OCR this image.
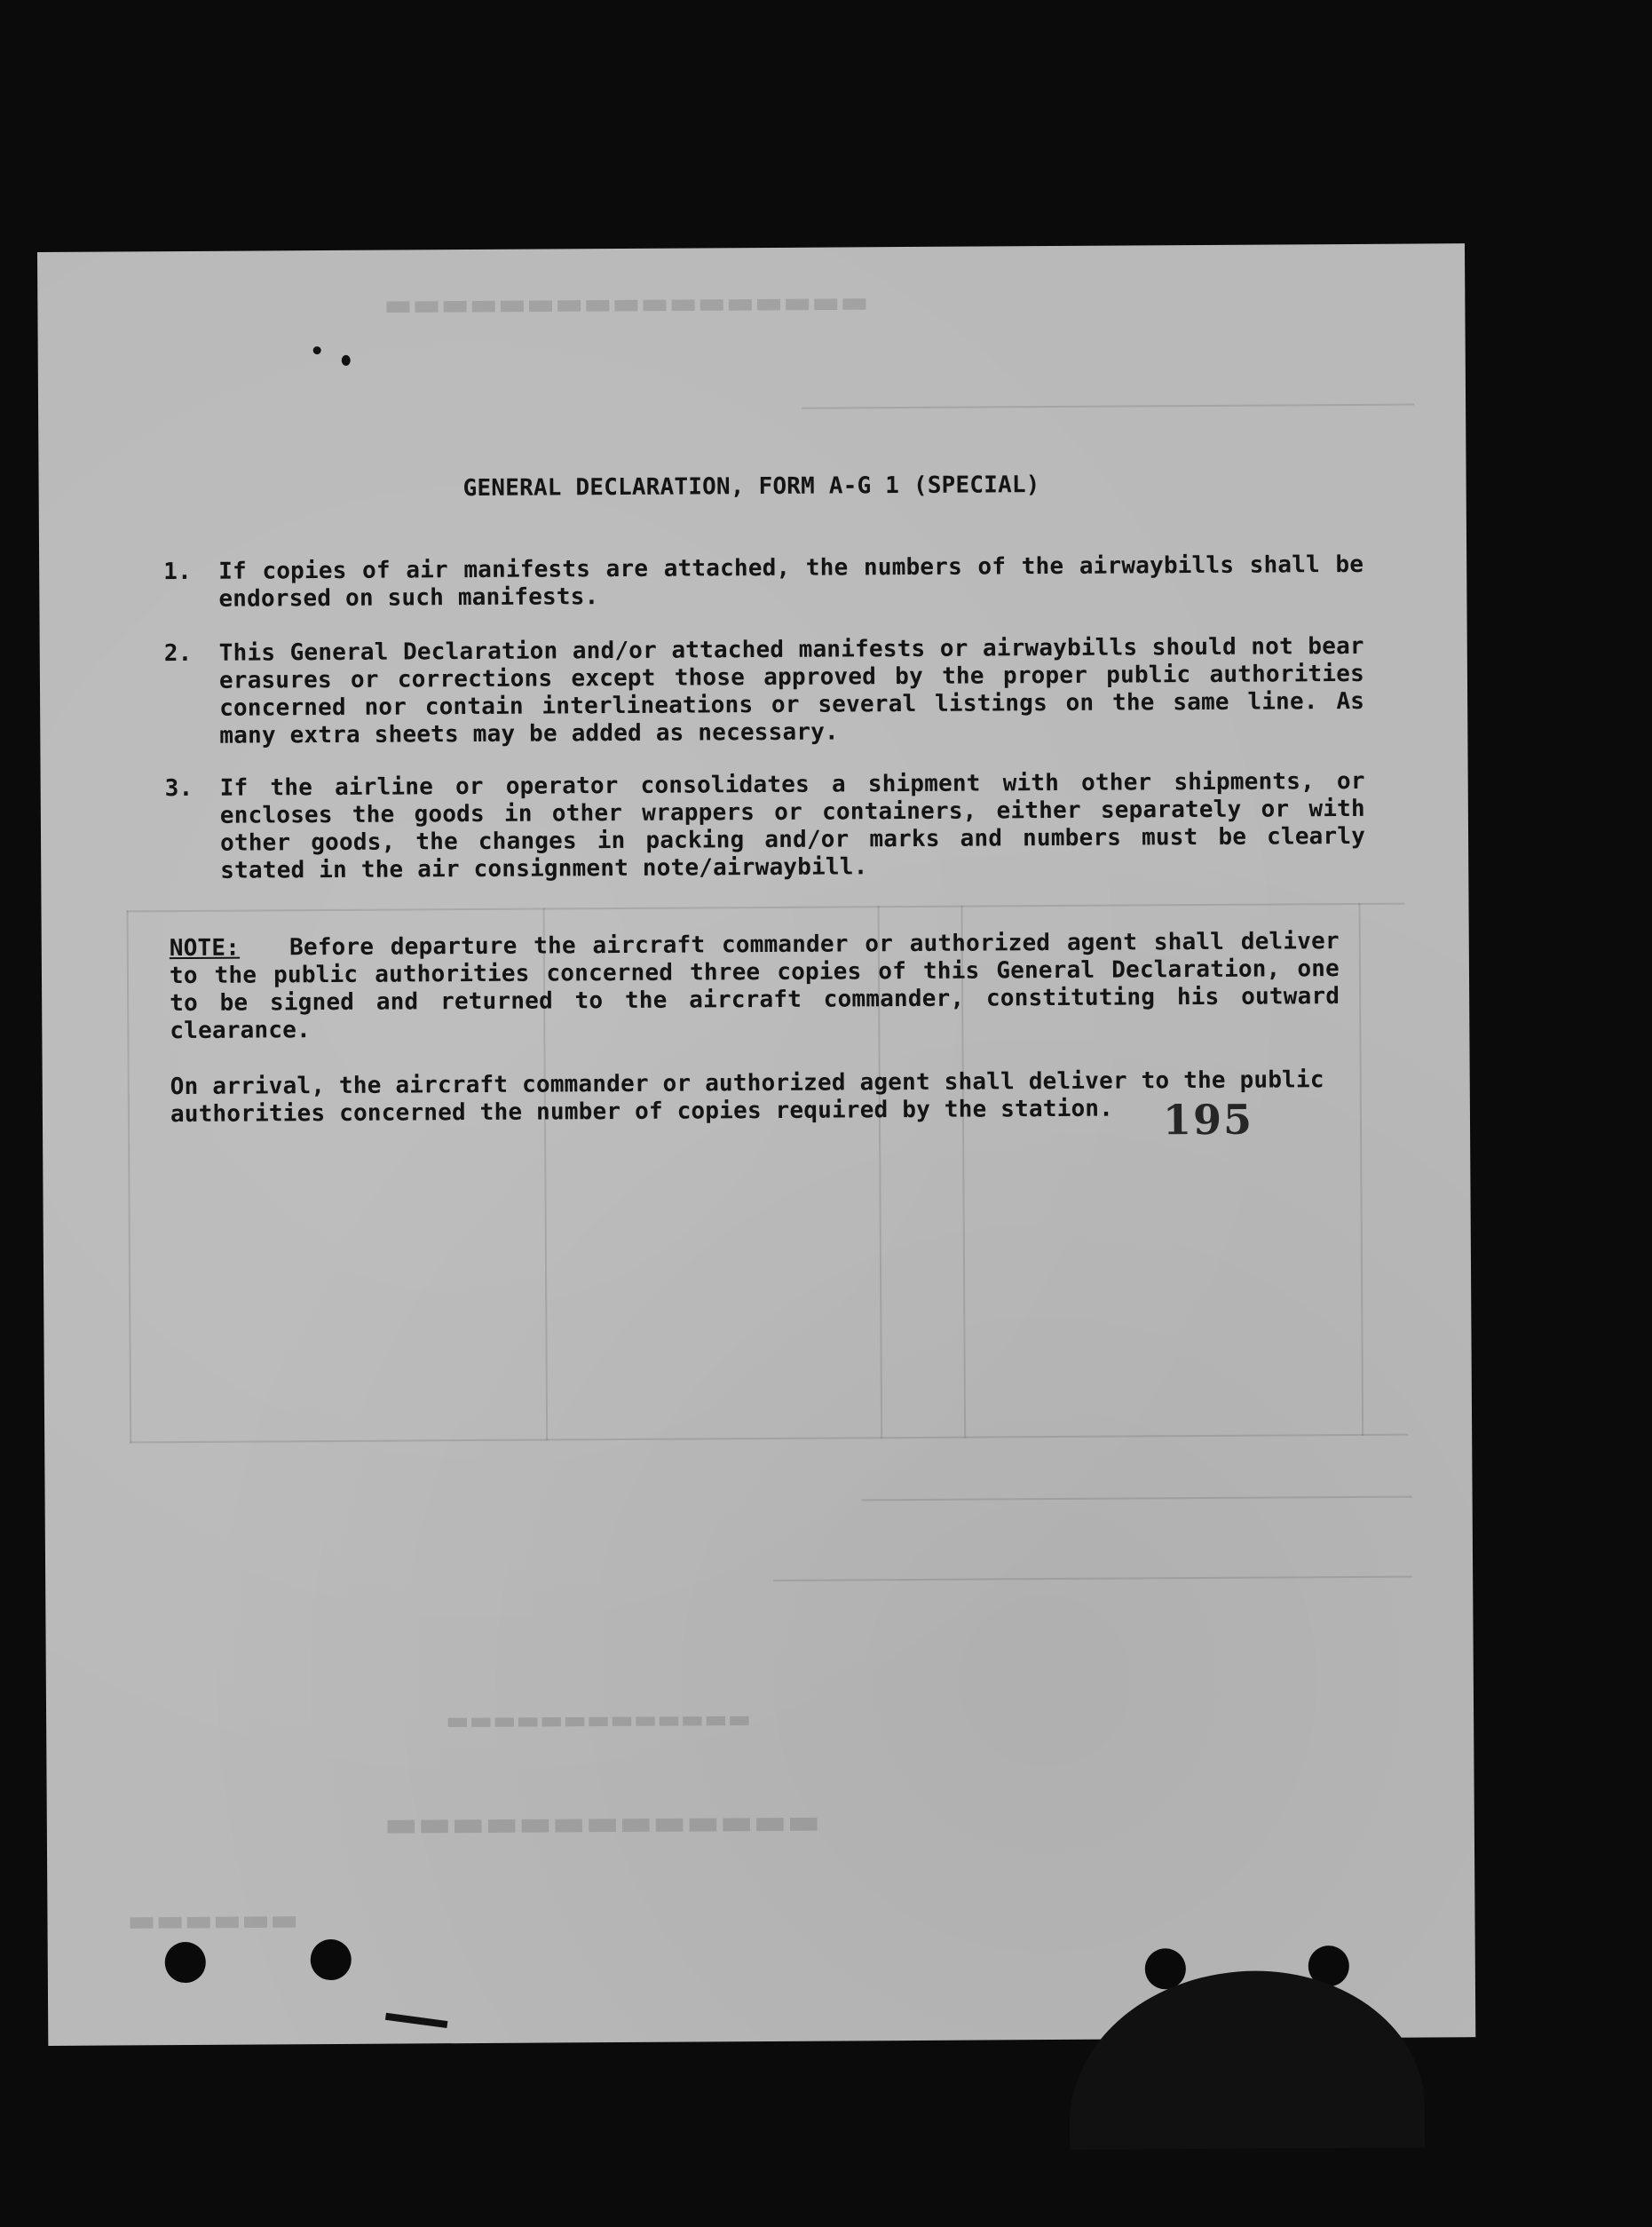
▬▬▬▬▬▬▬▬▬▬▬▬▬▬▬▬▬
▬▬▬▬▬▬▬▬▬▬▬▬▬
▬▬▬▬▬▬▬▬▬▬▬▬▬
▬▬▬▬▬▬
GENERAL DECLARATION, FORM A-G 1 (SPECIAL)
1.	If copies of air manifests are attached, the numbers of the airwaybills shall be endorsed on such manifests.
2.	This General Declaration and/or attached manifests or airwaybills should not bear erasures or corrections except those approved by the proper public authorities concerned nor contain interlineations or several listings on the same line. As many extra sheets may be added as necessary.
3.	If the airline or operator consolidates a shipment with other shipments, or encloses the goods in other wrappers or containers, either separately or with other goods, the changes in packing and/or marks and numbers must be clearly stated in the air consignment note/airwaybill.
NOTE: Before departure the aircraft commander or authorized agent shall deliver to the public authorities concerned three copies of this General Declaration, one to be signed and returned to the aircraft commander, constituting his outward clearance.
On arrival, the aircraft commander or authorized agent shall deliver to the public authorities concerned the number of copies required by the station.	195
